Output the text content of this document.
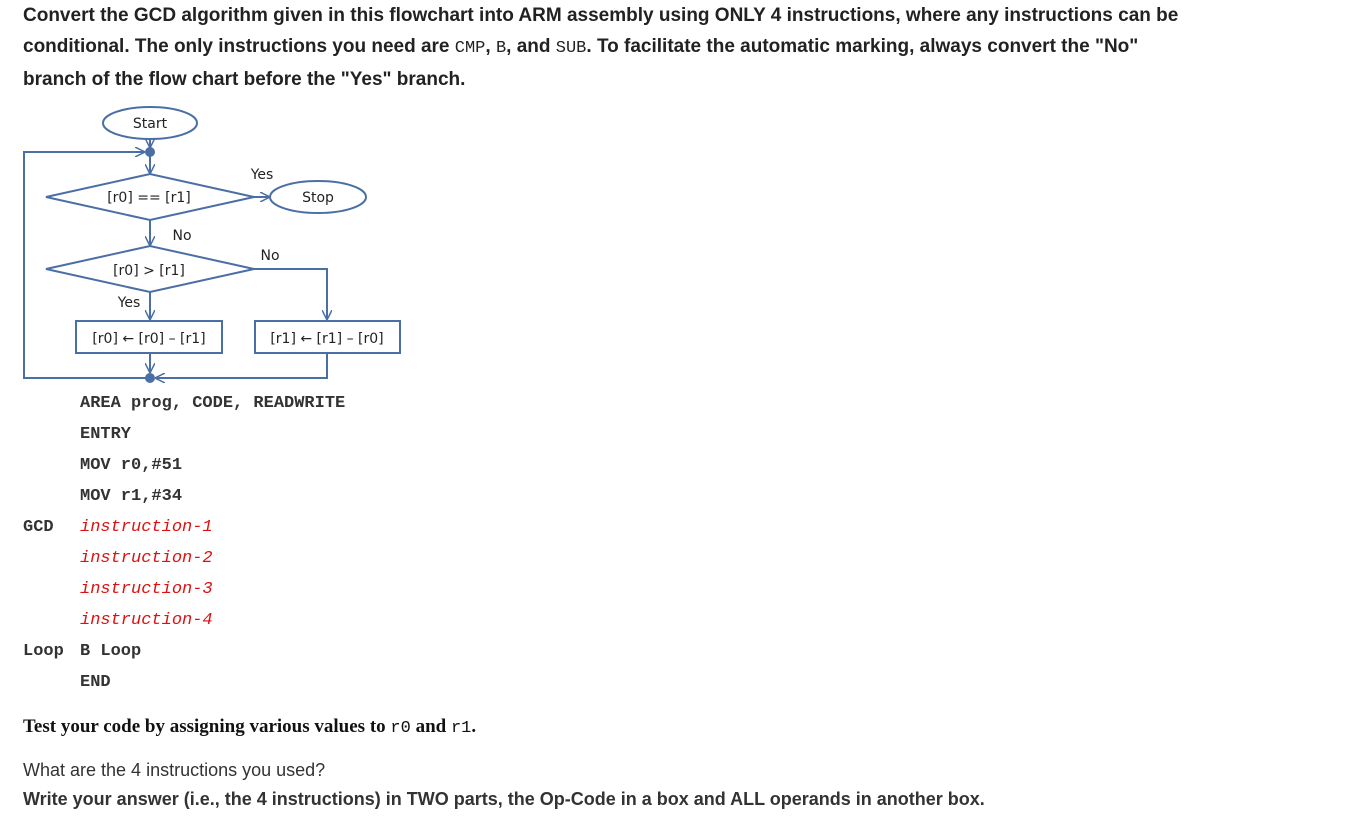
Convert the GCD algorithm given in this flowchart into ARM assembly using ONLY 4 instructions, where any instructions can be
conditional. The only instructions you need are CMP, B, and SUB. To facilitate the automatic marking, always convert the "No"
branch of the flow chart before the "Yes" branch.
Start
[r0] == [r1]
Yes
Stop
No
[r0] > [r1]
No
Yes
[r0] ← [r0] – [r1]	[r1] ← [r1] – [r0]
AREA prog, CODE, READWRITE
ENTRY
MOV r0,#51
MOV r1,#34
GCD instruction-1
instruction-2
instruction-3
instruction-4
Loop B Loop
END
Test your code by assigning various values to r0 and r1.
What are the 4 instructions you used?
Write your answer (i.e., the 4 instructions) in TWO parts, the Op-Code in a box and ALL operands in another box.
